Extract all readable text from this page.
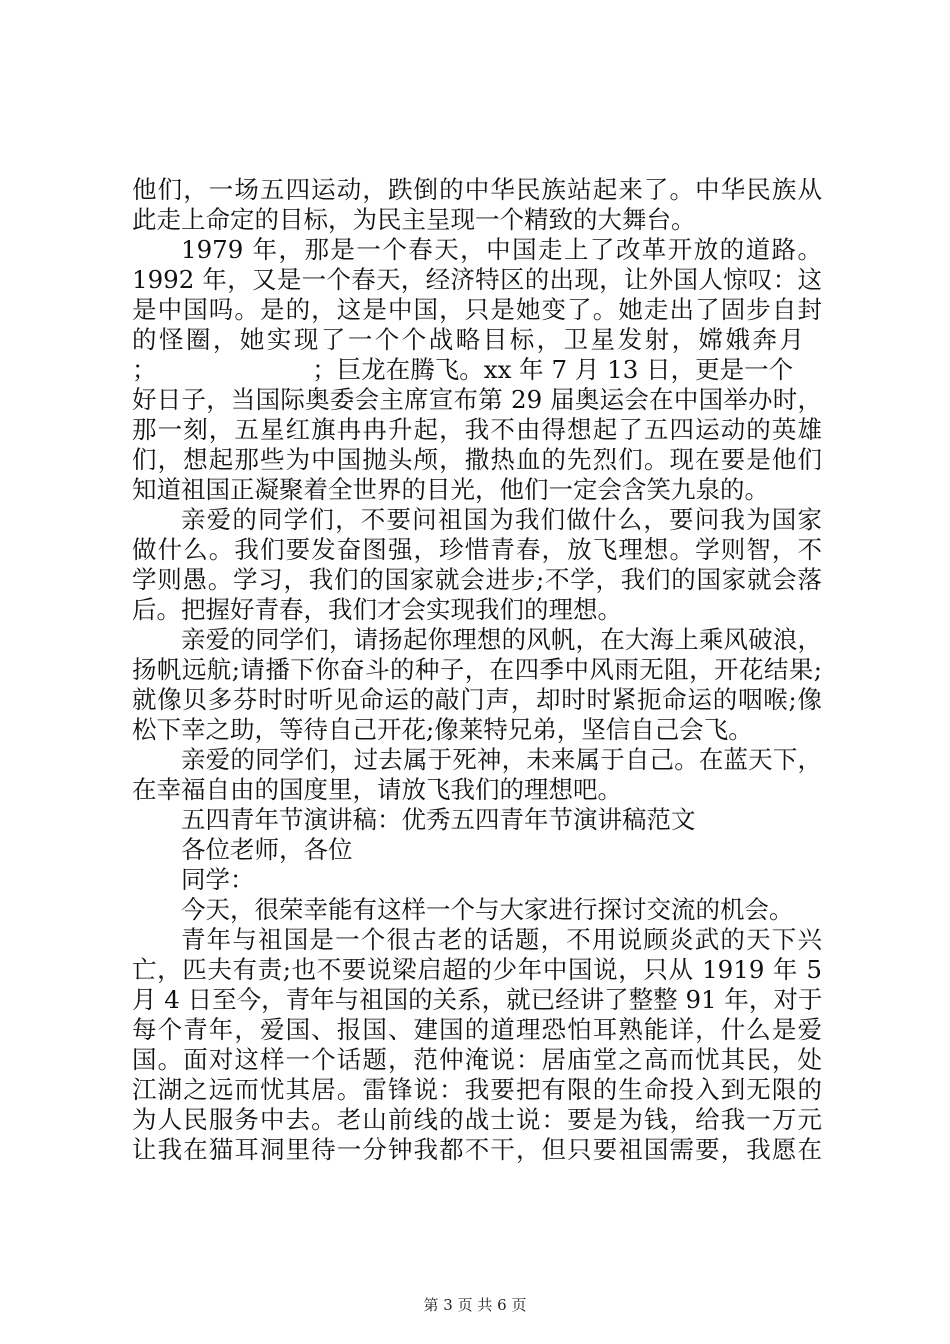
他们，一场五四运动，跌倒的中华民族站起来了。中华民族从
此走上命定的目标，为民主呈现一个精致的大舞台。
1979 年，那是一个春天，中国走上了改革开放的道路。
1992 年，又是一个春天，经济特区的出现，让外国人惊叹：这
是中国吗。是的，这是中国，只是她变了。她走出了固步自封
的怪圈，她实现了一个个战略目标，卫星发射，嫦娥奔月
；                    ；巨龙在腾飞。xx 年 7 月 13 日，更是一个
好日子，当国际奥委会主席宣布第 29 届奥运会在中国举办时，
那一刻，五星红旗冉冉升起，我不由得想起了五四运动的英雄
们，想起那些为中国抛头颅，撒热血的先烈们。现在要是他们
知道祖国正凝聚着全世界的目光，他们一定会含笑九泉的。
亲爱的同学们，不要问祖国为我们做什么，要问我为国家
做什么。我们要发奋图强，珍惜青春，放飞理想。学则智，不
学则愚。学习，我们的国家就会进步;不学，我们的国家就会落
后。把握好青春，我们才会实现我们的理想。
亲爱的同学们，请扬起你理想的风帆，在大海上乘风破浪，
扬帆远航;请播下你奋斗的种子，在四季中风雨无阻，开花结果;
就像贝多芬时时听见命运的敲门声，却时时紧扼命运的咽喉;像
松下幸之助，等待自己开花;像莱特兄弟，坚信自己会飞。
亲爱的同学们，过去属于死神，未来属于自己。在蓝天下，
在幸福自由的国度里，请放飞我们的理想吧。
五四青年节演讲稿：优秀五四青年节演讲稿范文
各位老师，各位
同学：
今天，很荣幸能有这样一个与大家进行探讨交流的机会。
青年与祖国是一个很古老的话题，不用说顾炎武的天下兴
亡，匹夫有责;也不要说梁启超的少年中国说，只从 1919 年 5
月 4 日至今，青年与祖国的关系，就已经讲了整整 91 年，对于
每个青年，爱国、报国、建国的道理恐怕耳熟能详，什么是爱
国。面对这样一个话题，范仲淹说：居庙堂之高而忧其民，处
江湖之远而忧其居。雷锋说：我要把有限的生命投入到无限的
为人民服务中去。老山前线的战士说：要是为钱，给我一万元
让我在猫耳洞里待一分钟我都不干，但只要祖国需要，我愿在
第 3 页 共 6 页
